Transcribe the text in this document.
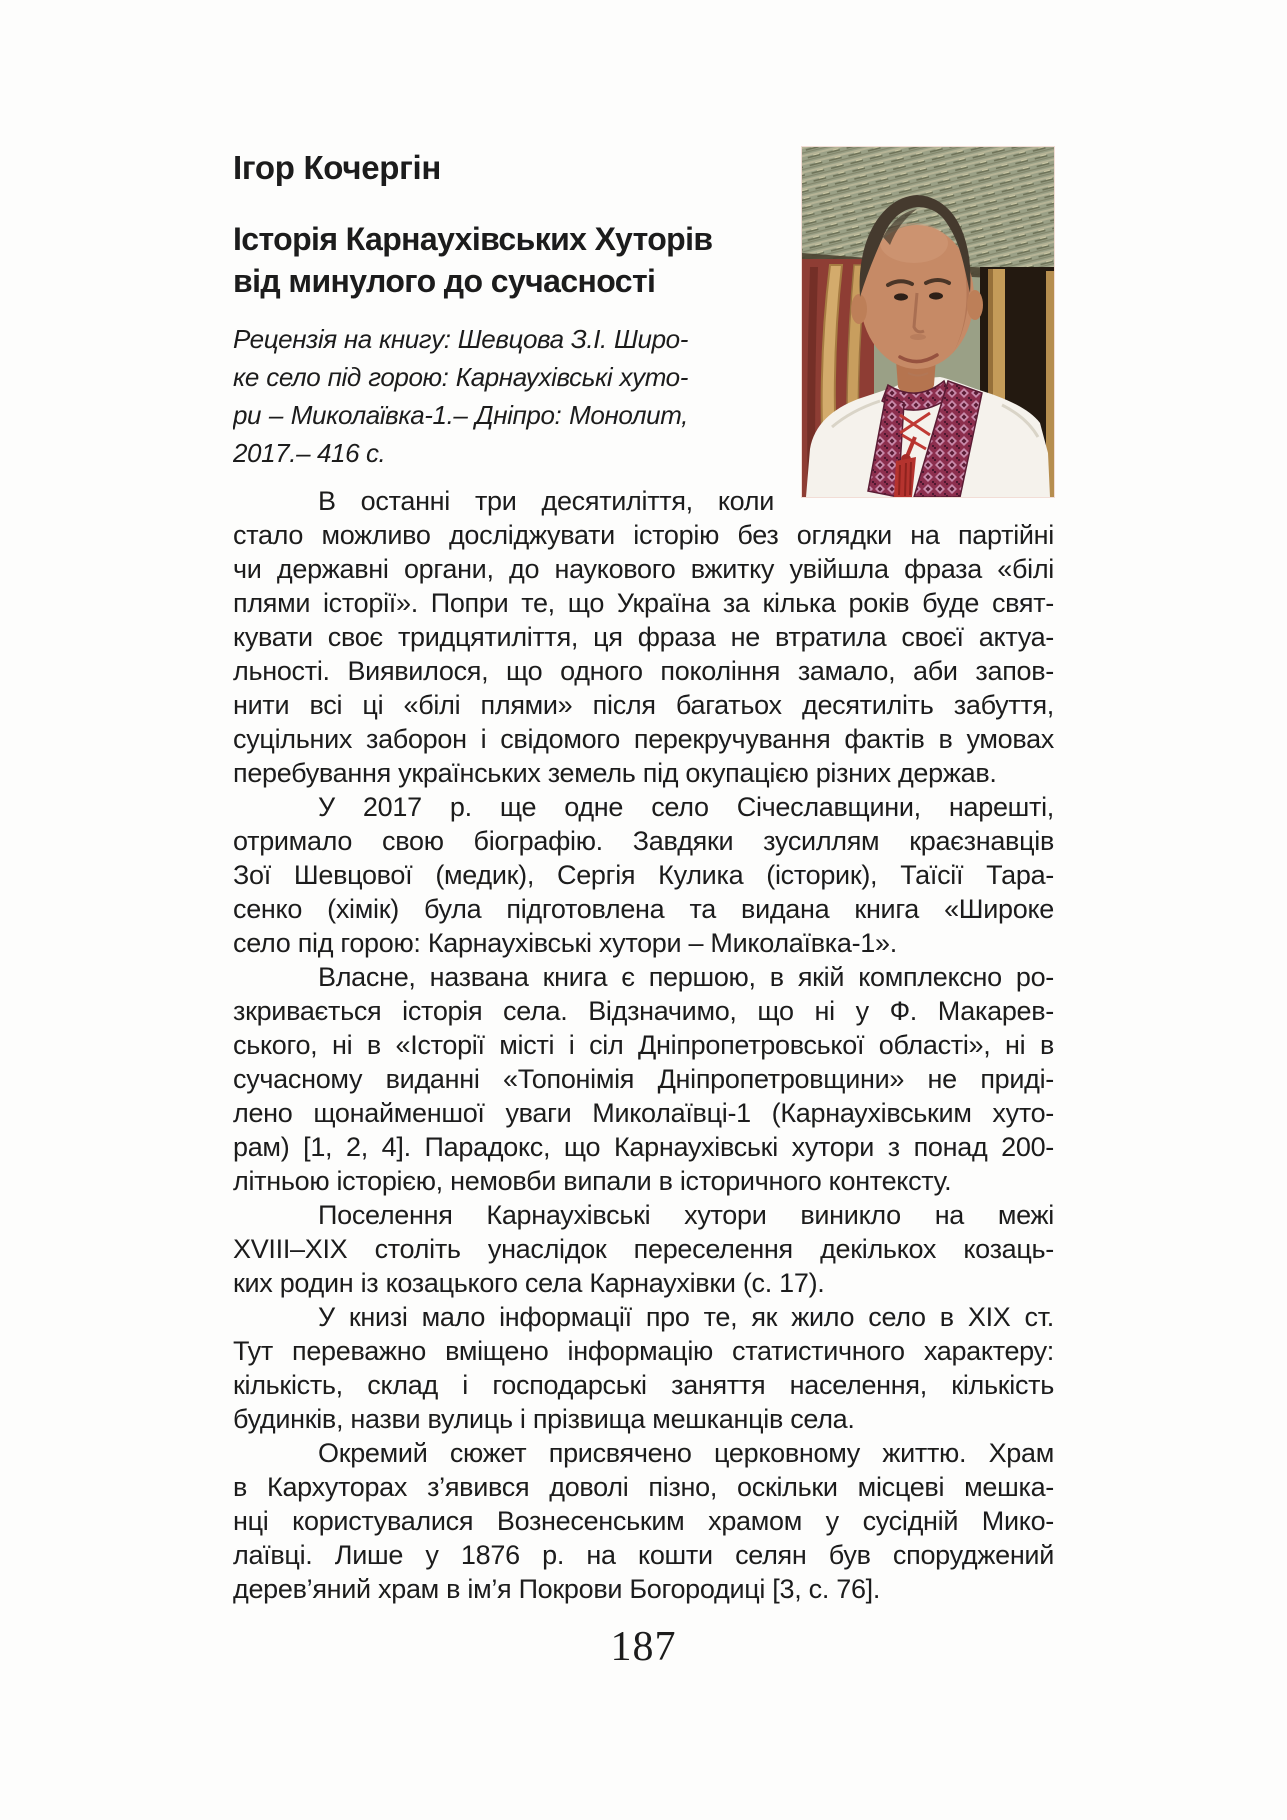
Ігор Кочергін
Історія Карнаухівських Хуторів
від минулого до сучасності
Рецензія на книгу: Шевцова З.І. Широ-
ке село під горою: Карнаухівські хуто-
ри – Миколаївка-1.– Дніпро: Монолит,
2017.– 416 с.
В останні три десятиліття, коли
стало можливо досліджувати історію без оглядки на партійні
чи державні органи, до наукового вжитку увійшла фраза «білі
плями історії». Попри те, що Україна за кілька років буде свят-
кувати своє тридцятиліття, ця фраза не втратила своєї актуа-
льності. Виявилося, що одного покоління замало, аби запов-
нити всі ці «білі плями» після багатьох десятиліть забуття,
суцільних заборон і свідомого перекручування фактів в умовах
перебування українських земель під окупацією різних держав.
У 2017 р. ще одне село Січеславщини, нарешті,
отримало свою біографію. Завдяки зусиллям краєзнавців
Зої Шевцової (медик), Сергія Кулика (історик), Таїсії Тара-
сенко (хімік) була підготовлена та видана книга «Широке
село під горою: Карнаухівські хутори – Миколаївка-1».
Власне, названа книга є першою, в якій комплексно ро-
зкривається історія села. Відзначимо, що ні у Ф. Макарев-
ського, ні в «Історії місті і сіл Дніпропетровської області», ні в
сучасному виданні «Топонімія Дніпропетровщини» не приді-
лено щонайменшої уваги Миколаївці-1 (Карнаухівським хуто-
рам) [1, 2, 4]. Парадокс, що Карнаухівські хутори з понад 200-
літньою історією, немовби випали в історичного контексту.
Поселення Карнаухівські хутори виникло на межі
XVIII–XIX століть унаслідок переселення декількох козаць-
ких родин із козацького села Карнаухівки (с. 17).
У книзі мало інформації про те, як жило село в XIX ст.
Тут переважно вміщено інформацію статистичного характеру:
кількість, склад і господарські заняття населення, кількість
будинків, назви вулиць і прізвища мешканців села.
Окремий сюжет присвячено церковному життю. Храм
в Кархуторах з’явився доволі пізно, оскільки місцеві мешка-
нці користувалися Вознесенським храмом у сусідній Мико-
лаївці. Лише у 1876 р. на кошти селян був споруджений
дерев’яний храм в ім’я Покрови Богородиці [3, с. 76].
187
